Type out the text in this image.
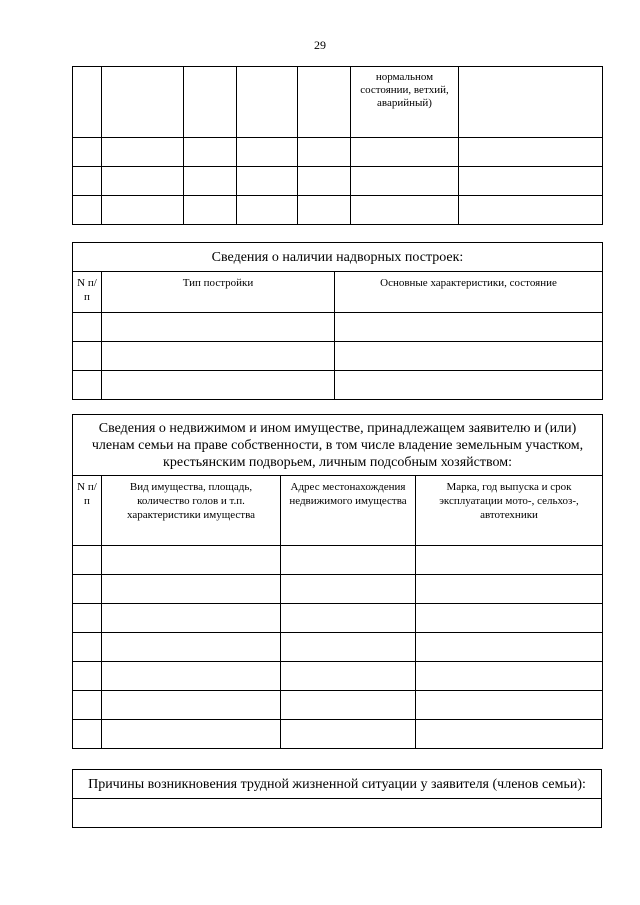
29
					нормальном состоянии, ветхий, аварийный)	

Сведения о наличии надворных построек:		
N п/п	Тип постройки	Основные характеристики, состояние

Сведения о недвижимом и ином имуществе, принадлежащем заявителю и (или) членам семьи на праве собственности, в том числе владение земельным участком, крестьянским подворьем, личным подсобным хозяйством:			
N п/п	Вид имущества, площадь, количество голов и т.п. характеристики имущества	Адрес местонахождения недвижимого имущества	Марка, год выпуска и срок эксплуатации мото-, сельхоз-, автотехники

Причины возникновения трудной жизненной ситуации у заявителя (членов семьи):
